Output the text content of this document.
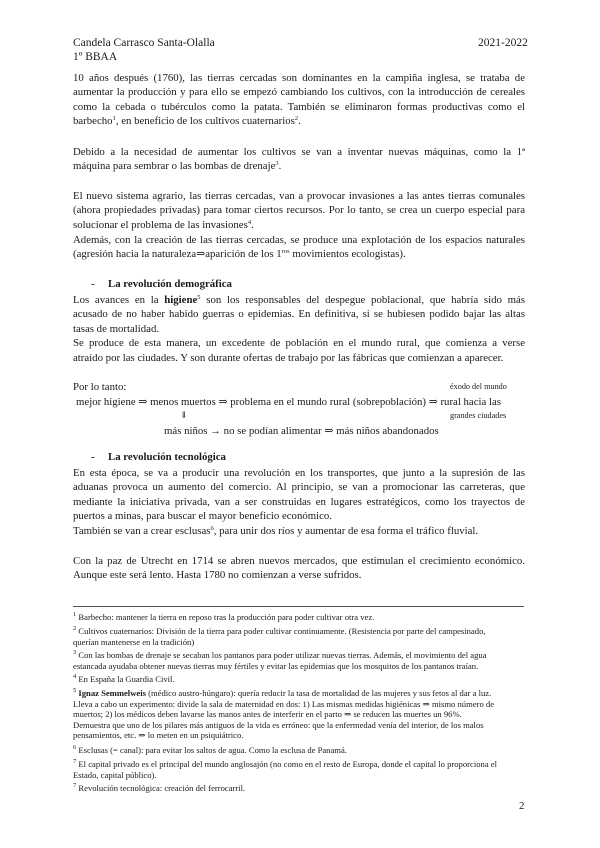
Candela Carrasco Santa-Olalla
1º BBAA
2021-2022
10 años después (1760), las tierras cercadas son dominantes en la campiña inglesa, se trataba de
aumentar la producción y para ello se empezó cambiando los cultivos, con la introducción de cereales
como la cebada o tubérculos como la patata. También se eliminaron formas productivas como el
barbecho$^1$, en beneficio de los cultivos cuaternarios$^2$.
Debido a la necesidad de aumentar los cultivos se van a inventar nuevas máquinas, como la 1ª
máquina para sembrar o las bombas de drenaje$^3$.
El nuevo sistema agrario, las tierras cercadas, van a provocar invasiones a las antes tierras comunales
(ahora propiedades privadas) para tomar ciertos recursos. Por lo tanto, se crea un cuerpo especial para
solucionar el problema de las invasiones$^4$.
Además, con la creación de las tierras cercadas, se produce una explotación de los espacios naturales
(agresión hacia la naturaleza⇒aparición de los $1^{ros}$ movimientos ecologistas).
- La revolución demográfica
Los avances en la higiene$^5$ son los responsables del despegue poblacional, que habría sido más
acusado de no haber habido guerras o epidemias. En definitiva, si se hubiesen podido bajar las altas
tasas de mortalidad.
Se produce de esta manera, un excedente de población en el mundo rural, que comienza a verse
atraído por las ciudades. Y son durante ofertas de trabajo por las fábricas que comienzan a aparecer.
Por lo tanto:	éxodo del mundo
mejor higiene ⇒ menos muertos ⇒ problema en el mundo rural (sobrepoblación) ⇒ rural hacia las
grandes ciudades
⇓
más niños → no se podían alimentar ⇒ más niños abandonados
- La revolución tecnológica
En esta época, se va a producir una revolución en los transportes, que junto a la supresión de las
aduanas provoca un aumento del comercio. Al principio, se van a promocionar las carreteras, que
mediante la iniciativa privada, van a ser construidas en lugares estratégicos, como los trayectos de
puertos a minas, para buscar el mayor beneficio económico.
También se van a crear esclusas$^6$, para unir dos ríos y aumentar de esa forma el tráfico fluvial.
Con la paz de Utrecht en 1714 se abren nuevos mercados, que estimulan el crecimiento económico.
Aunque este será lento. Hasta 1780 no comienzan a verse sufridos.
$^1$ Barbecho: mantener la tierra en reposo tras la producción para poder cultivar otra vez.
$^2$ Cultivos cuaternarios: División de la tierra para poder cultivar continuamente. (Resistencia por parte del campesinado,
querían mantenerse en la tradición)
$^3$ Con las bombas de drenaje se secaban los pantanos para poder utilizar nuevas tierras. Además, el movimiento del agua
estancada ayudaba obtener nuevas tierras muy fértiles y evitar las epidemias que los mosquitos de los pantanos traían.
$^4$ En España la Guardia Civil.
$^5$ Ignaz Semmelweis (médico austro-húngaro): quería reducir la tasa de mortalidad de las mujeres y sus fetos al dar a luz.
Lleva a cabo un experimento: divide la sala de maternidad en dos: 1) Las mismas medidas higiénicas ⇒ mismo número de
muertos; 2) los médicos deben lavarse las manos antes de interferir en el parto ⇒ se reducen las muertes un 96%.
Demuestra que uno de los pilares más antiguos de la vida es erróneo: que la enfermedad venía del interior, de los malos
pensamientos, etc. ⇒ lo meten en un psiquiátrico.
$^6$ Esclusas (= canal): para evitar los saltos de agua. Como la esclusa de Panamá.
$^7$ El capital privado es el principal del mundo anglosajón (no como en el resto de Europa, donde el capital lo proporciona el
Estado, capital público).
$^7$ Revolución tecnológica: creación del ferrocarril.
2
